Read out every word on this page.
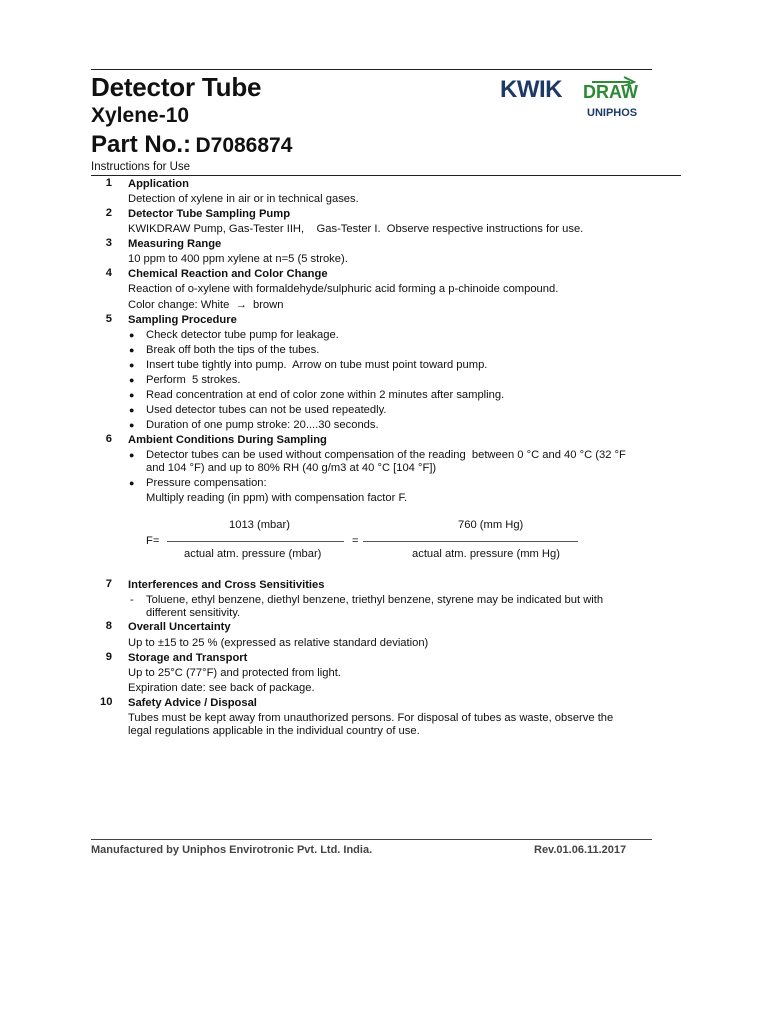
Detector Tube
Xylene-10
Part No.: D7086874
KWIK DRAW
UNIPHOS
Instructions for Use
1 Application
Detection of xylene in air or in technical gases.
2 Detector Tube Sampling Pump
KWIKDRAW Pump, Gas-Tester IIH,    Gas-Tester I.  Observe respective instructions for use.
3 Measuring Range
10 ppm to 400 ppm xylene at n=5 (5 stroke).
4 Chemical Reaction and Color Change
Reaction of o-xylene with formaldehyde/sulphuric acid forming a p-chinoide compound.
Color change: White  →  brown
5 Sampling Procedure
● Check detector tube pump for leakage.
● Break off both the tips of the tubes.
● Insert tube tightly into pump.  Arrow on tube must point toward pump.
● Perform  5 strokes.
● Read concentration at end of color zone within 2 minutes after sampling.
● Used detector tubes can not be used repeatedly.
● Duration of one pump stroke: 20....30 seconds.
6 Ambient Conditions During Sampling
● Detector tubes can be used without compensation of the reading  between 0 °C and 40 °C (32 °F
and 104 °F) and up to 80% RH (40 g/m3 at 40 °C [104 °F])
● Pressure compensation:
Multiply reading (in ppm) with compensation factor F.
1013 (mbar)
F=	=
actual atm. pressure (mbar)
760 (mm Hg)
actual atm. pressure (mm Hg)
7 Interferences and Cross Sensitivities
- Toluene, ethyl benzene, diethyl benzene, triethyl benzene, styrene may be indicated but with
different sensitivity.
8 Overall Uncertainty
Up to ±15 to 25 % (expressed as relative standard deviation)
9 Storage and Transport
Up to 25°C (77°F) and protected from light.
Expiration date: see back of package.
10 Safety Advice / Disposal
Tubes must be kept away from unauthorized persons. For disposal of tubes as waste, observe the
legal regulations applicable in the individual country of use.
Manufactured by Uniphos Envirotronic Pvt. Ltd. India.	Rev.01.06.11.2017
